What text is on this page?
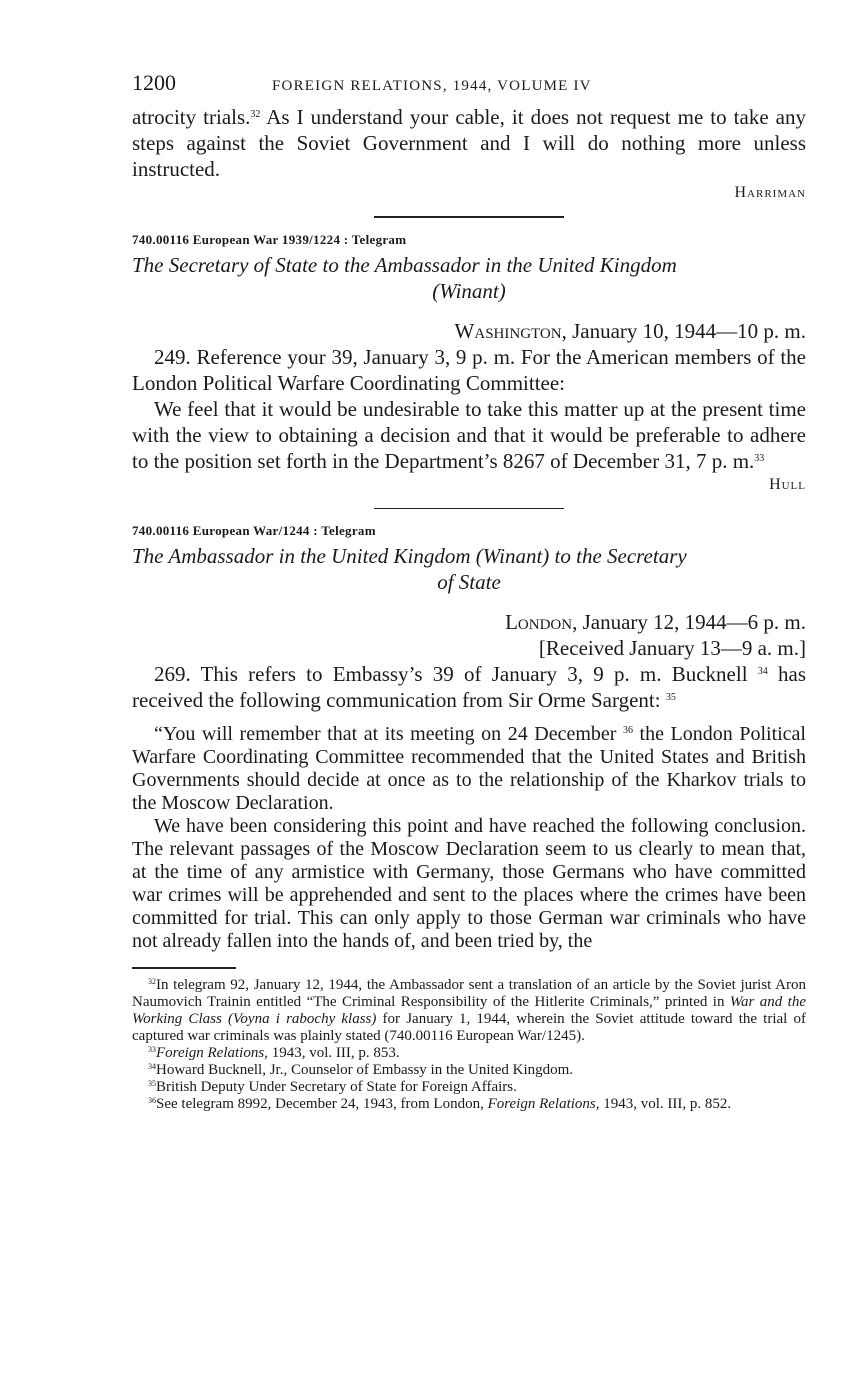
1200	FOREIGN RELATIONS, 1944, VOLUME IV

atrocity trials.$^{32}$ As I understand your cable, it does not request me to take any steps against the Soviet Government and I will do nothing more unless instructed.

Harriman

740.00116 European War 1939/1224 : Telegram

The Secretary of State to the Ambassador in the United Kingdom

(Winant)

Washington, January 10, 1944—10 p. m.

249. Reference your 39, January 3, 9 p. m. For the American members of the London Political Warfare Coordinating Committee:

We feel that it would be undesirable to take this matter up at the present time with the view to obtaining a decision and that it would be preferable to adhere to the position set forth in the Department’s 8267 of December 31, 7 p. m.$^{33}$

Hull

740.00116 European War/1244 : Telegram

The Ambassador in the United Kingdom (Winant) to the Secretary

of State

London, January 12, 1944—6 p. m.

[Received January 13—9 a. m.]

269. This refers to Embassy’s 39 of January 3, 9 p. m. Bucknell $^{34}$ has received the following communication from Sir Orme Sargent: $^{35}$

“You will remember that at its meeting on 24 December $^{36}$ the London Political Warfare Coordinating Committee recommended that the United States and British Governments should decide at once as to the relationship of the Kharkov trials to the Moscow Declaration.

We have been considering this point and have reached the following conclusion. The relevant passages of the Moscow Declaration seem to us clearly to mean that, at the time of any armistice with Germany, those Germans who have committed war crimes will be apprehended and sent to the places where the crimes have been committed for trial. This can only apply to those German war criminals who have not already fallen into the hands of, and been tried by, the

$^{32}$In telegram 92, January 12, 1944, the Ambassador sent a translation of an article by the Soviet jurist Aron Naumovich Trainin entitled “The Criminal Responsibility of the Hitlerite Criminals,” printed in War and the Working Class (Voyna i rabochy klass) for January 1, 1944, wherein the Soviet attitude toward the trial of captured war criminals was plainly stated (740.00116 European War/1245).

$^{33}$Foreign Relations, 1943, vol. III, p. 853.

$^{34}$Howard Bucknell, Jr., Counselor of Embassy in the United Kingdom.

$^{35}$British Deputy Under Secretary of State for Foreign Affairs.

$^{36}$See telegram 8992, December 24, 1943, from London, Foreign Relations, 1943, vol. III, p. 852.
